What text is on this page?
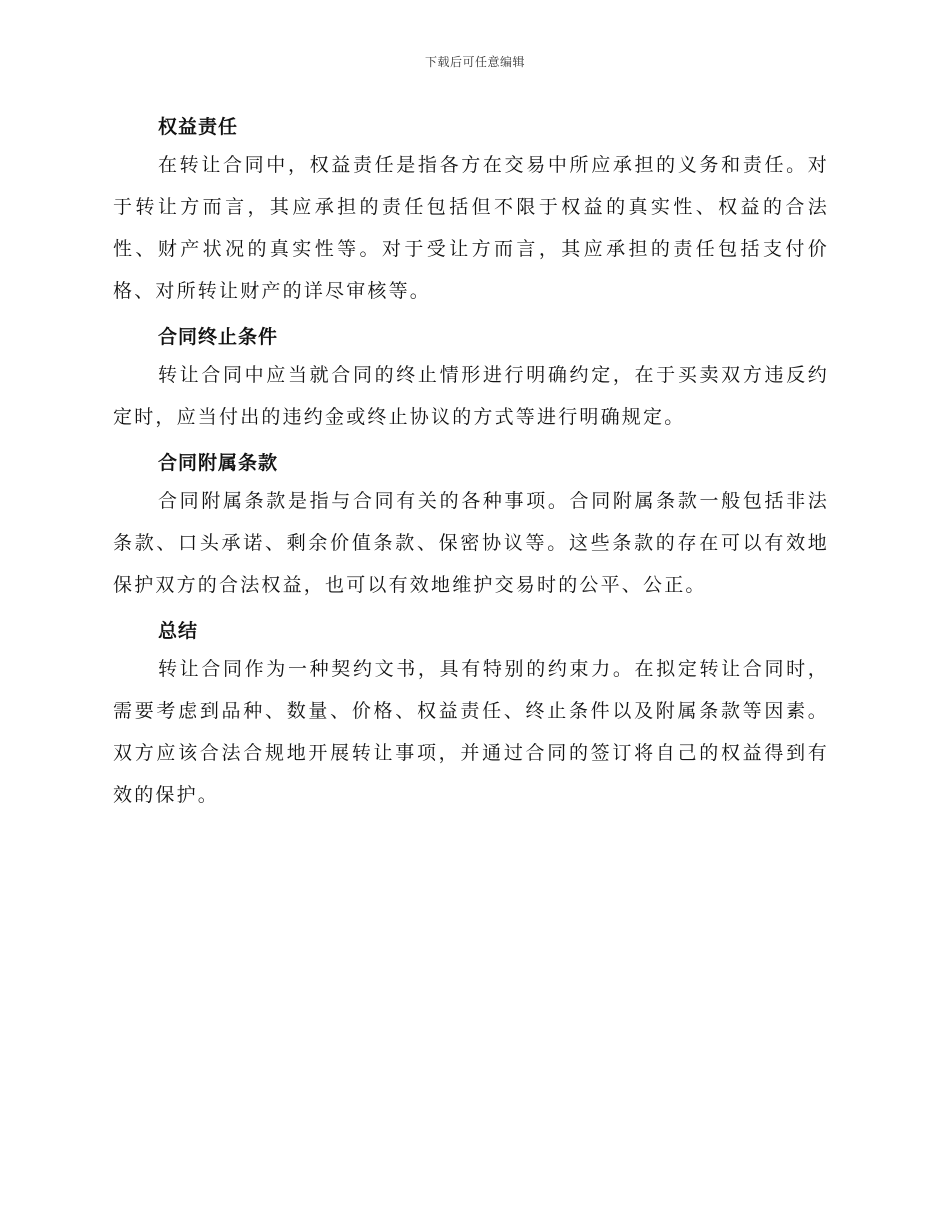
下载后可任意编辑
权益责任

在转让合同中，权益责任是指各方在交易中所应承担的义务和责任。对于转让方而言，其应承担的责任包括但不限于权益的真实性、权益的合法性、财产状况的真实性等。对于受让方而言，其应承担的责任包括支付价格、对所转让财产的详尽审核等。

合同终止条件

转让合同中应当就合同的终止情形进行明确约定，在于买卖双方违反约定时，应当付出的违约金或终止协议的方式等进行明确规定。

合同附属条款

合同附属条款是指与合同有关的各种事项。合同附属条款一般包括非法条款、口头承诺、剩余价值条款、保密协议等。这些条款的存在可以有效地保护双方的合法权益，也可以有效地维护交易时的公平、公正。

总结

转让合同作为一种契约文书，具有特别的约束力。在拟定转让合同时，需要考虑到品种、数量、价格、权益责任、终止条件以及附属条款等因素。双方应该合法合规地开展转让事项，并通过合同的签订将自己的权益得到有效的保护。
